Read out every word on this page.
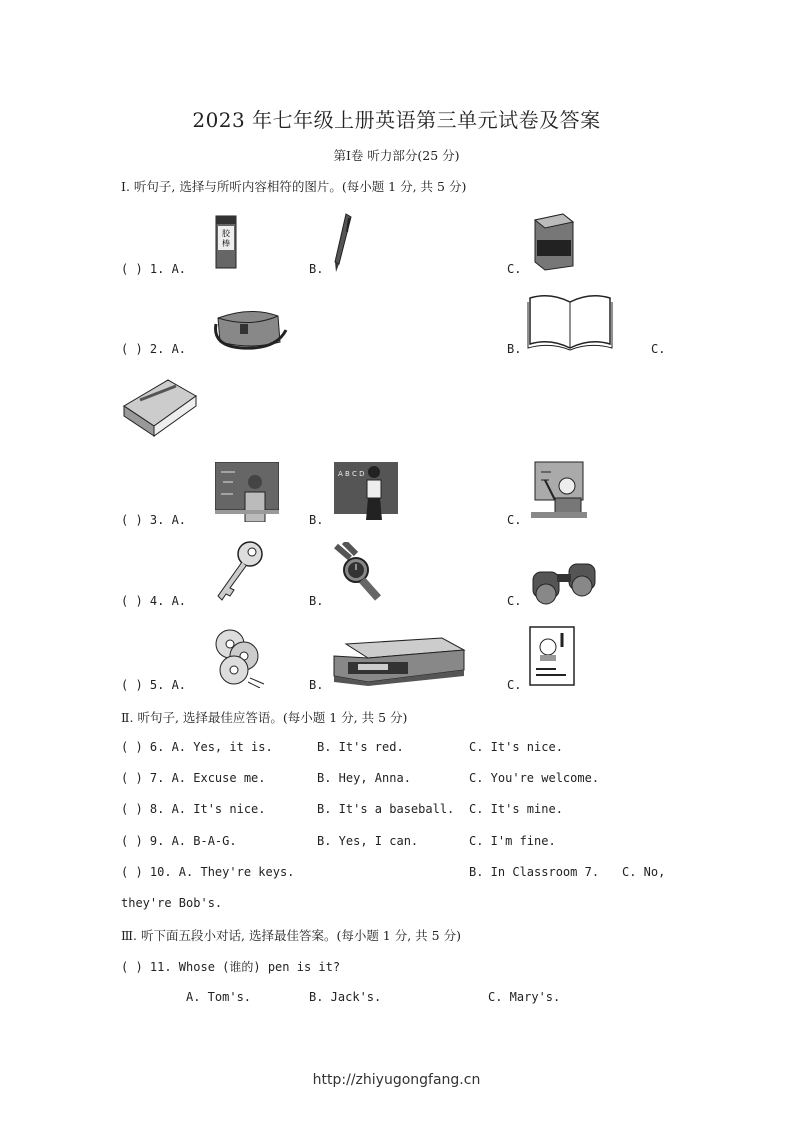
2023 年七年级上册英语第三单元试卷及答案
第Ⅰ卷 听力部分(25 分)
Ⅰ. 听句子, 选择与所听内容相符的图片。(每小题 1 分, 共 5 分)
( ) 1. A.	B.	C.
胶
棒
( ) 2. A.	B.	C.
( ) 3. A.	B.	C.
A B C D
( ) 4. A.	B.	C.
( ) 5. A.	B.	C.
Ⅱ. 听句子, 选择最佳应答语。(每小题 1 分, 共 5 分)
( ) 6. A. Yes, it is.	B. It's red.	C. It's nice.
( ) 7. A. Excuse me.	B. Hey, Anna.	C. You're welcome.
( ) 8. A. It's nice.	B. It's a baseball. C. It's mine.
( ) 9. A. B-A-G.	B. Yes, I can.	C. I'm fine.
( ) 10. A. They're keys.	B. In Classroom 7. C. No,
they're Bob's.
Ⅲ. 听下面五段小对话, 选择最佳答案。(每小题 1 分, 共 5 分)
( ) 11. Whose (谁的) pen is it?
A. Tom's.	B. Jack's.	C. Mary's.
http://zhiyugongfang.cn
